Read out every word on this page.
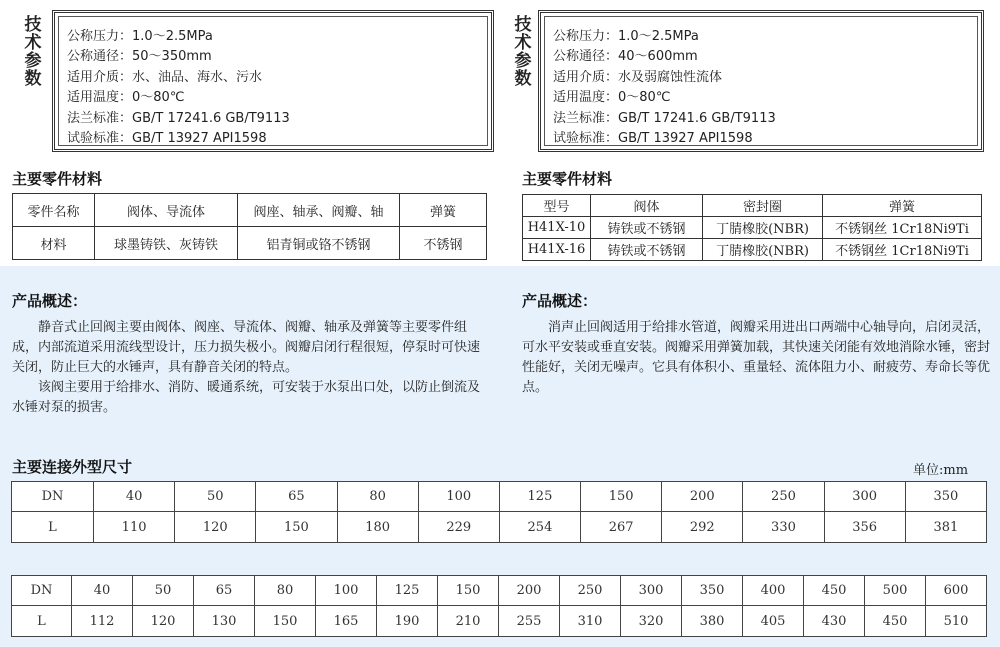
技
术
参
数
公称压力：1.0～2.5MPa
公称通径：50～350mm
适用介质：水、油品、海水、污水
适用温度：0～80℃
法兰标准：GB/T 17241.6 GB/T9113
试验标准：GB/T 13927 API1598
技
术
参
数
公称压力：1.0～2.5MPa
公称通径：40～600mm
适用介质：水及弱腐蚀性流体
适用温度：0～80℃
法兰标准：GB/T 17241.6 GB/T9113
试验标准：GB/T 13927 API1598
主要零件材料	主要零件材料
零件名称	阀体、导流体	阀座、轴承、阀瓣、轴	弹簧
材料	球墨铸铁、灰铸铁	铝青铜或铬不锈钢	不锈钢
型号	阀体	密封圈	弹簧
H41X-10	铸铁或不锈钢	丁腈橡胶(NBR)	不锈钢丝 1Cr18Ni9Ti
H41X-16	铸铁或不锈钢	丁腈橡胶(NBR)	不锈钢丝 1Cr18Ni9Ti
产品概述：

静音式止回阀主要由阀体、阀座、导流体、阀瓣、轴承及弹簧等主要零件组成，内部流道采用流线型设计，压力损失极小。阀瓣启闭行程很短，停泵时可快速关闭，防止巨大的水锤声，具有静音关闭的特点。

该阀主要用于给排水、消防、暖通系统，可安装于水泵出口处，以防止倒流及水锤对泵的损害。

产品概述：

消声止回阀适用于给排水管道，阀瓣采用进出口两端中心轴导向，启闭灵活，可水平安装或垂直安装。阀瓣采用弹簧加载，其快速关闭能有效地消除水锤，密封性能好，关闭无噪声。它具有体积小、重量轻、流体阻力小、耐疲劳、寿命长等优点。

主要连接外型尺寸	单位:mm
DN	40	50	65	80	100	125	150	200	250	300	350
L	110	120	150	180	229	254	267	292	330	356	381
DN	40	50	65	80	100	125	150	200	250	300	350	400	450	500	600
L	112	120	130	150	165	190	210	255	310	320	380	405	430	450	510
